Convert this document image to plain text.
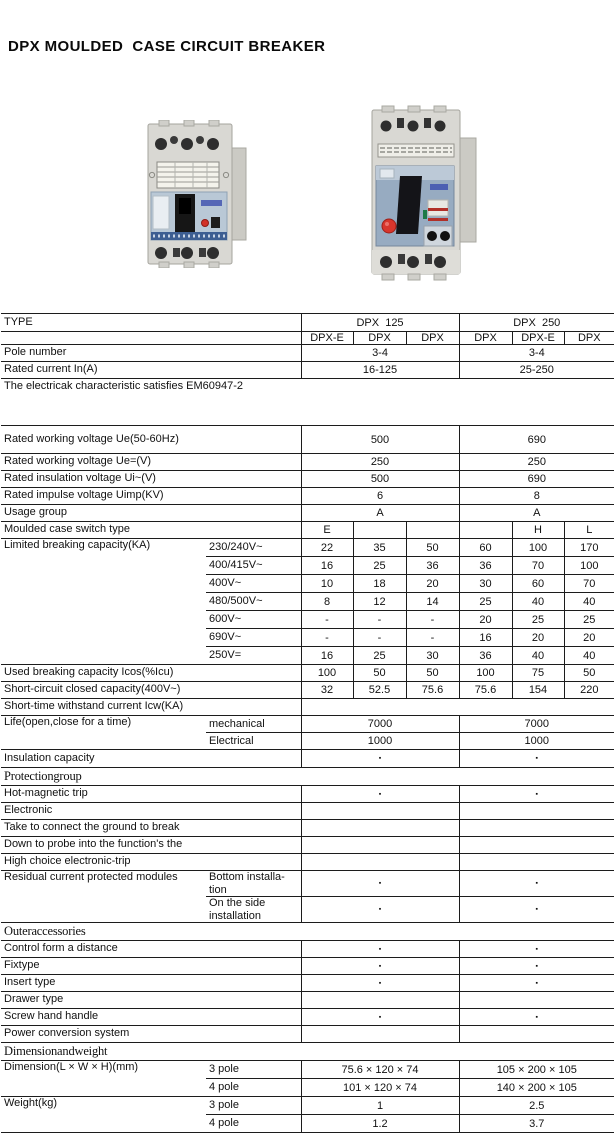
DPX MOULDED  CASE CIRCUIT BREAKER
TYPE	DPX  125			DPX  250		
	DPX-E	DPX	DPX	DPX	DPX-E	DPX
Pole number	3-4			3-4		
Rated current In(A)	16-125			25-250		
The electricak characteristic satisfies EM60947-2						
Rated working voltage Ue(50-60Hz)		500			690		
Rated working voltage Ue=(V)		250			250		
Rated insulation voltage Ui~(V)		500			690		
Rated impulse voltage Uimp(KV)		6			8		
Usage group		A			A		
Moulded case switch type		E				H	L
Limited breaking capacity(KA)	230/240V~	22	35	50	60	100	170
	400/415V~	16	25	36	36	70	100
	400V~	10	18	20	30	60	70
	480/500V~	8	12	14	25	40	40
	600V~	-	-	-	20	25	25
	690V~	-	-	-	16	20	20
	250V=	16	25	30	36	40	40
Used breaking capacity Icos(%Icu)		100	50	50	100	75	50
Short-circuit closed capacity(400V~)		32	52.5	75.6	75.6	154	220
Short-time withstand current Icw(KA)							
Life(open,close for a time)	mechanical	7000			7000		
	Electrical	1000			1000		
Insulation capacity		▪			▪		
Protectiongroup							
Hot-magnetic trip		▪			▪		
Electronic							
Take to connect the ground to break							
Down to probe into the function's the							
High choice electronic-trip							
Residual current protected modules	Bottom installa-tion	▪			▪		
	On the side installation	▪			▪		
Outeraccessories							
Control form a distance		▪			▪		
Fixtype		▪			▪		
Insert type		▪			▪		
Drawer type							
Screw hand handle		▪			▪		
Power conversion system							
Dimensionandweight							
Dimension(L × W × H)(mm)	3 pole	75.6 × 120 × 74			105 × 200 × 105		
	4 pole	101 × 120 × 74			140 × 200 × 105		
Weight(kg)	3 pole	1			2.5		
	4 pole	1.2			3.7		
